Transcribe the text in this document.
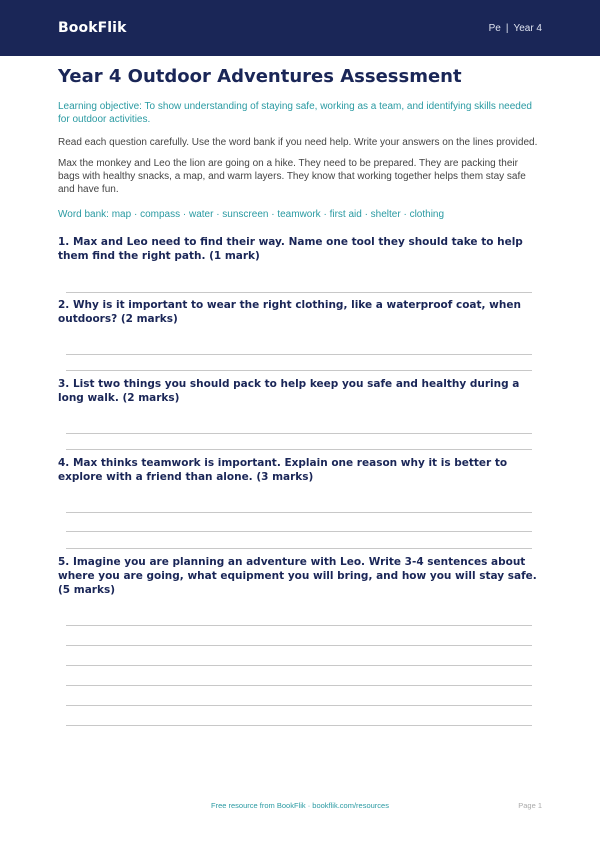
BookFlik	Pe | Year 4
Year 4 Outdoor Adventures Assessment

Learning objective: To show understanding of staying safe, working as a team, and identifying skills needed for outdoor activities.

Read each question carefully. Use the word bank if you need help. Write your answers on the lines provided.

Max the monkey and Leo the lion are going on a hike. They need to be prepared. They are packing their bags with healthy snacks, a map, and warm layers. They know that working together helps them stay safe and have fun.

Word bank: map · compass · water · sunscreen · teamwork · first aid · shelter · clothing

1. Max and Leo need to find their way. Name one tool they should take to help them find the right path. (1 mark)

2. Why is it important to wear the right clothing, like a waterproof coat, when outdoors? (2 marks)

3. List two things you should pack to help keep you safe and healthy during a long walk. (2 marks)

4. Max thinks teamwork is important. Explain one reason why it is better to explore with a friend than alone. (3 marks)

5. Imagine you are planning an adventure with Leo. Write 3-4 sentences about where you are going, what equipment you will bring, and how you will stay safe. (5 marks)

Free resource from BookFlik · bookflik.com/resources	Page 1
